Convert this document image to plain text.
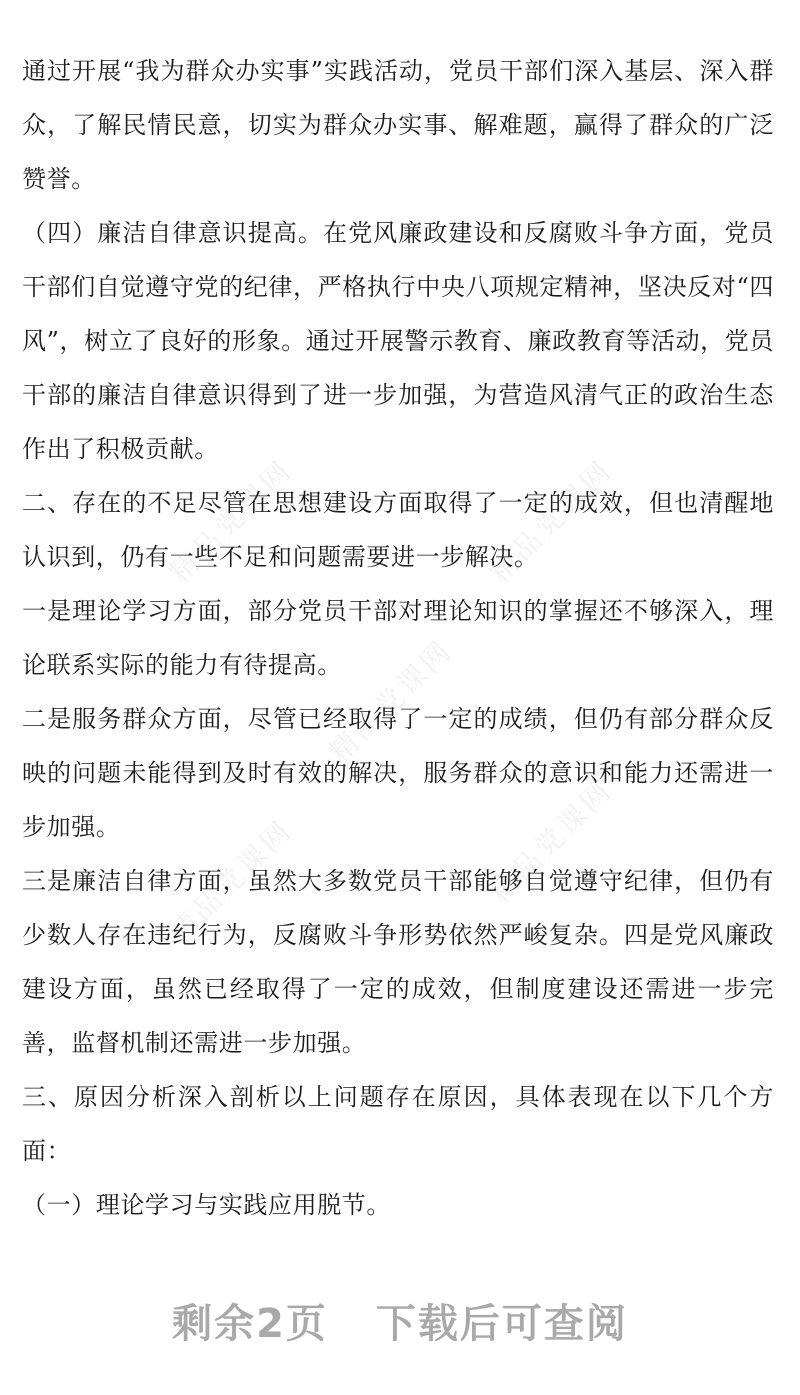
精品党课网	精品党课网
精品党课网
精品党课网	精品党课网

通过开展“我为群众办实事”实践活动，党员干部们深入基层、深入群众，了解民情民意，切实为群众办实事、解难题，赢得了群众的广泛赞誉。

（四）廉洁自律意识提高。在党风廉政建设和反腐败斗争方面，党员干部们自觉遵守党的纪律，严格执行中央八项规定精神，坚决反对“四风”，树立了良好的形象。通过开展警示教育、廉政教育等活动，党员干部的廉洁自律意识得到了进一步加强，为营造风清气正的政治生态作出了积极贡献。

二、存在的不足尽管在思想建设方面取得了一定的成效，但也清醒地认识到，仍有一些不足和问题需要进一步解决。

一是理论学习方面，部分党员干部对理论知识的掌握还不够深入，理论联系实际的能力有待提高。

二是服务群众方面，尽管已经取得了一定的成绩，但仍有部分群众反映的问题未能得到及时有效的解决，服务群众的意识和能力还需进一步加强。

三是廉洁自律方面，虽然大多数党员干部能够自觉遵守纪律，但仍有少数人存在违纪行为，反腐败斗争形势依然严峻复杂。四是党风廉政建设方面，虽然已经取得了一定的成效，但制度建设还需进一步完善，监督机制还需进一步加强。

三、原因分析深入剖析以上问题存在原因，具体表现在以下几个方面：

（一）理论学习与实践应用脱节。

剩余2页 下载后可查阅
